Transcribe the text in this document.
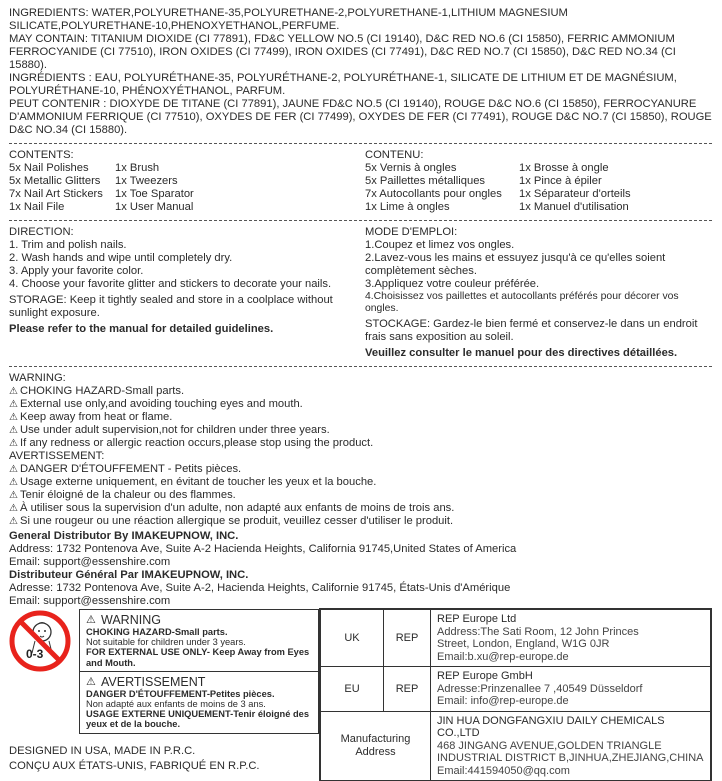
INGREDIENTS: WATER,POLYURETHANE-35,POLYURETHANE-2,POLYURETHANE-1,LITHIUM MAGNESIUM SILICATE,POLYURETHANE-10,PHENOXYETHANOL,PERFUME.

MAY CONTAIN: TITANIUM DIOXIDE (CI 77891), FD&C YELLOW NO.5 (CI 19140), D&C RED NO.6 (CI 15850), FERRIC AMMONIUM FERROCYANIDE (CI 77510), IRON OXIDES (CI 77499), IRON OXIDES (CI 77491), D&C RED NO.7 (CI 15850), D&C RED NO.34 (CI 15880).

INGRÉDIENTS : EAU, POLYURÉTHANE-35, POLYURÉTHANE-2, POLYURÉTHANE-1, SILICATE DE LITHIUM ET DE MAGNÉSIUM, POLYURÉTHANE-10, PHÉNOXYÉTHANOL, PARFUM.

PEUT CONTENIR : DIOXYDE DE TITANE (CI 77891), JAUNE FD&C NO.5 (CI 19140), ROUGE D&C NO.6 (CI 15850), FERROCYANURE D'AMMONIUM FERRIQUE (CI 77510), OXYDES DE FER (CI 77499), OXYDES DE FER (CI 77491), ROUGE D&C NO.7 (CI 15850), ROUGE D&C NO.34 (CI 15880).

CONTENTS:

5x Nail Polishes	1x Brush
5x Metallic Glitters	1x Tweezers
7x Nail Art Stickers	1x Toe Sparator
1x Nail File	1x User Manual

CONTENU:

5x Vernis à ongles	1x Brosse à ongle
5x Paillettes métalliques	1x Pince à épiler
7x Autocollants pour ongles	1x Séparateur d'orteils
1x Lime à ongles	1x Manuel d'utilisation

DIRECTION:

1. Trim and polish nails.

2. Wash hands and wipe until completely dry.

3. Apply your favorite color.

4. Choose your favorite glitter and stickers to decorate your nails.

STORAGE: Keep it tightly sealed and store in a coolplace without sunlight exposure.

Please refer to the manual for detailed guidelines.

MODE D'EMPLOI:

1.Coupez et limez vos ongles.

2.Lavez-vous les mains et essuyez jusqu'à ce qu'elles soient complètement sèches.

3.Appliquez votre couleur préférée.

4.Choisissez vos paillettes et autocollants préférés pour décorer vos ongles.

STOCKAGE: Gardez-le bien fermé et conservez-le dans un endroit frais sans exposition au soleil.

Veuillez consulter le manuel pour des directives détaillées.

WARNING:

⚠ CHOKING HAZARD-Small parts.
⚠ External use only,and avoiding touching eyes and mouth.
⚠ Keep away from heat or flame.
⚠ Use under adult supervision,not for children under three years.
⚠ If any redness or allergic reaction occurs,please stop using the product.

AVERTISSEMENT:

⚠ DANGER D'ÉTOUFFEMENT - Petits pièces.
⚠ Usage externe uniquement, en évitant de toucher les yeux et la bouche.
⚠ Tenir éloigné de la chaleur ou des flammes.
⚠ À utiliser sous la supervision d'un adulte, non adapté aux enfants de moins de trois ans.
⚠ Si une rougeur ou une réaction allergique se produit, veuillez cesser d'utiliser le produit.

General Distributor By IMAKEUPNOW, INC.

Address: 1732 Pontenova Ave, Suite A-2 Hacienda Heights, California 91745,United States of America

Email: support@essenshire.com

Distributeur Général Par IMAKEUPNOW, INC.

Adresse: 1732 Pontenova Ave, Suite A-2, Hacienda Heights, Californie 91745, États-Unis d'Amérique

Email: support@essenshire.com

0-3
⚠ WARNING

CHOKING HAZARD-Small parts.

Not suitable for children under 3 years.

FOR EXTERNAL USE ONLY- Keep Away from Eyes and Mouth.

⚠ AVERTISSEMENT

DANGER D'ÉTOUFFEMENT-Petites pièces.

Non adapté aux enfants de moins de 3 ans.

USAGE EXTERNE UNIQUEMENT-Tenir éloigné des yeux et de la bouche.

DESIGNED IN USA, MADE IN P.R.C.

CONÇU AUX ÉTATS-UNIS, FABRIQUÉ EN R.P.C.

UK	REP	REP Europe Ltd

Address:The Sati Room, 12 John Princes

Street, London, England, W1G 0JR

Email:b.xu@rep-europe.de

EU	REP	REP Europe GmbH

Adresse:Prinzenallee 7 ,40549 Düsseldorf

Email: info@rep-europe.de

Manufacturing Address		JIN HUA DONGFANGXIU DAILY CHEMICALS CO.,LTD

468 JINGANG AVENUE,GOLDEN TRIANGLE

INDUSTRIAL DISTRICT B,JINHUA,ZHEJIANG,CHINA

Email:441594050@qq.com
